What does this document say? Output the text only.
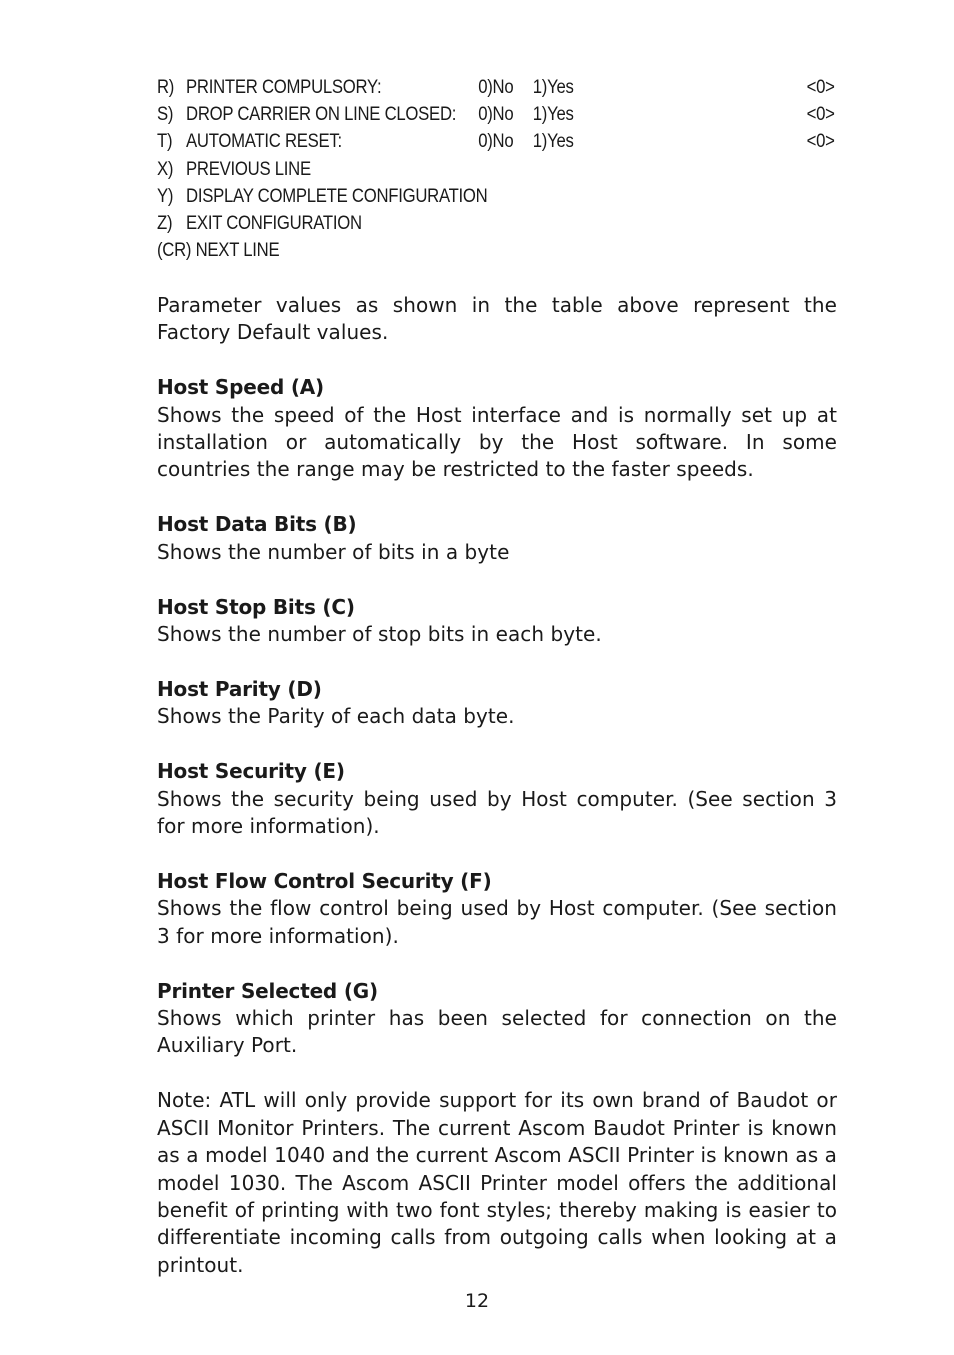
R) PRINTER COMPULSORY:	0)No 1)Yes	<0>
S) DROP CARRIER ON LINE CLOSED: 0)No 1)Yes	<0>
T) AUTOMATIC RESET:	0)No 1)Yes	<0>
X) PREVIOUS LINE
Y) DISPLAY COMPLETE CONFIGURATION
Z) EXIT CONFIGURATION
(CR) NEXT LINE

Parameter values as shown in the table above represent the Factory Default values.

Host Speed (A)

Shows the speed of the Host interface and is normally set up at installation or automatically by the Host software. In some countries the range may be restricted to the faster speeds.

Host Data Bits (B)

Shows the number of bits in a byte

Host Stop Bits (C)

Shows the number of stop bits in each byte.

Host Parity (D)

Shows the Parity of each data byte.

Host Security (E)

Shows the security being used by Host computer. (See section 3 for more information).

Host Flow Control Security (F)

Shows the flow control being used by Host computer. (See section 3 for more information).

Printer Selected (G)

Shows which printer has been selected for connection on the Auxiliary Port.

Note: ATL will only provide support for its own brand of Baudot or ASCII Monitor Printers. The current Ascom Baudot Printer is known as a model 1040 and the current Ascom ASCII Printer is known as a model 1030. The Ascom ASCII Printer model offers the additional benefit of printing with two font styles; thereby making is easier to differentiate incoming calls from outgoing calls when looking at a printout.

12
